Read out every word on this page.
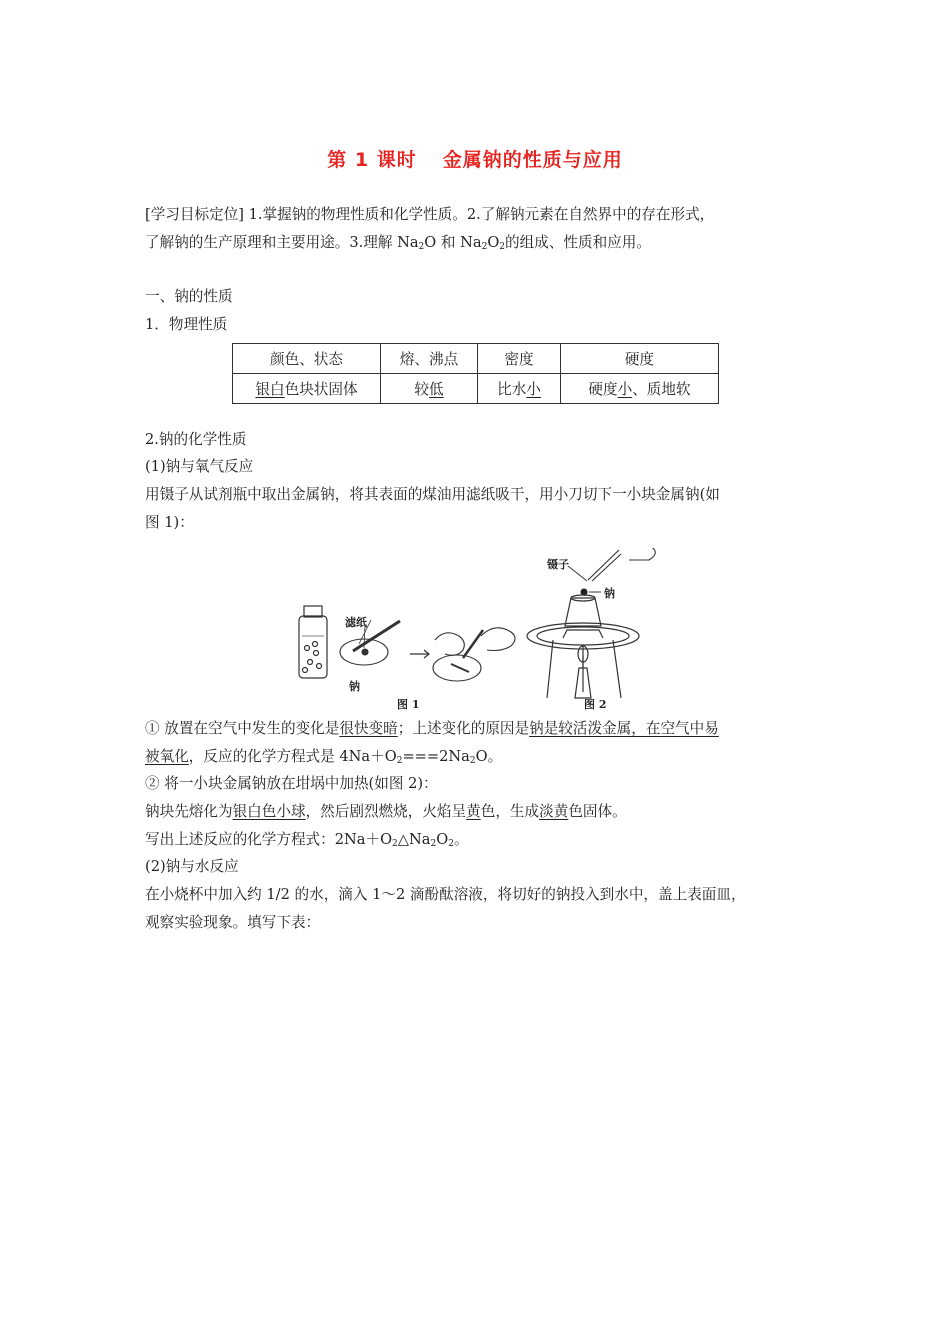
第 1 课时 金属钠的性质与应用
[学习目标定位] 1.掌握钠的物理性质和化学性质。2.了解钠元素在自然界中的存在形式，
了解钠的生产原理和主要用途。3.理解 $Na_2O$ 和 $Na_2O_2$的组成、性质和应用。
一、钠的性质
1．物理性质
颜色、状态	熔、沸点	密度	硬度
银白色块状固体	较低	比水小	硬度小、质地软
2.钠的化学性质
(1)钠与氧气反应
用镊子从试剂瓶中取出金属钠，将其表面的煤油用滤纸吸干，用小刀切下一小块金属钠(如
图 1)：
镊子
钠
滤纸
钠
图 1	图 2
① 放置在空气中发生的变化是很快变暗；上述变化的原因是钠是较活泼金属，在空气中易
被氧化，反应的化学方程式是 $4Na+O_2===2Na_2O$。
② 将一小块金属钠放在坩埚中加热(如图 2)：
钠块先熔化为银白色小球，然后剧烈燃烧，火焰呈黄色，生成淡黄色固体。
写出上述反应的化学方程式：$2Na+O_2\triangle Na_2O_2$。
(2)钠与水反应
在小烧杯中加入约 1/2 的水，滴入 1～2 滴酚酞溶液，将切好的钠投入到水中，盖上表面皿，
观察实验现象。填写下表：
